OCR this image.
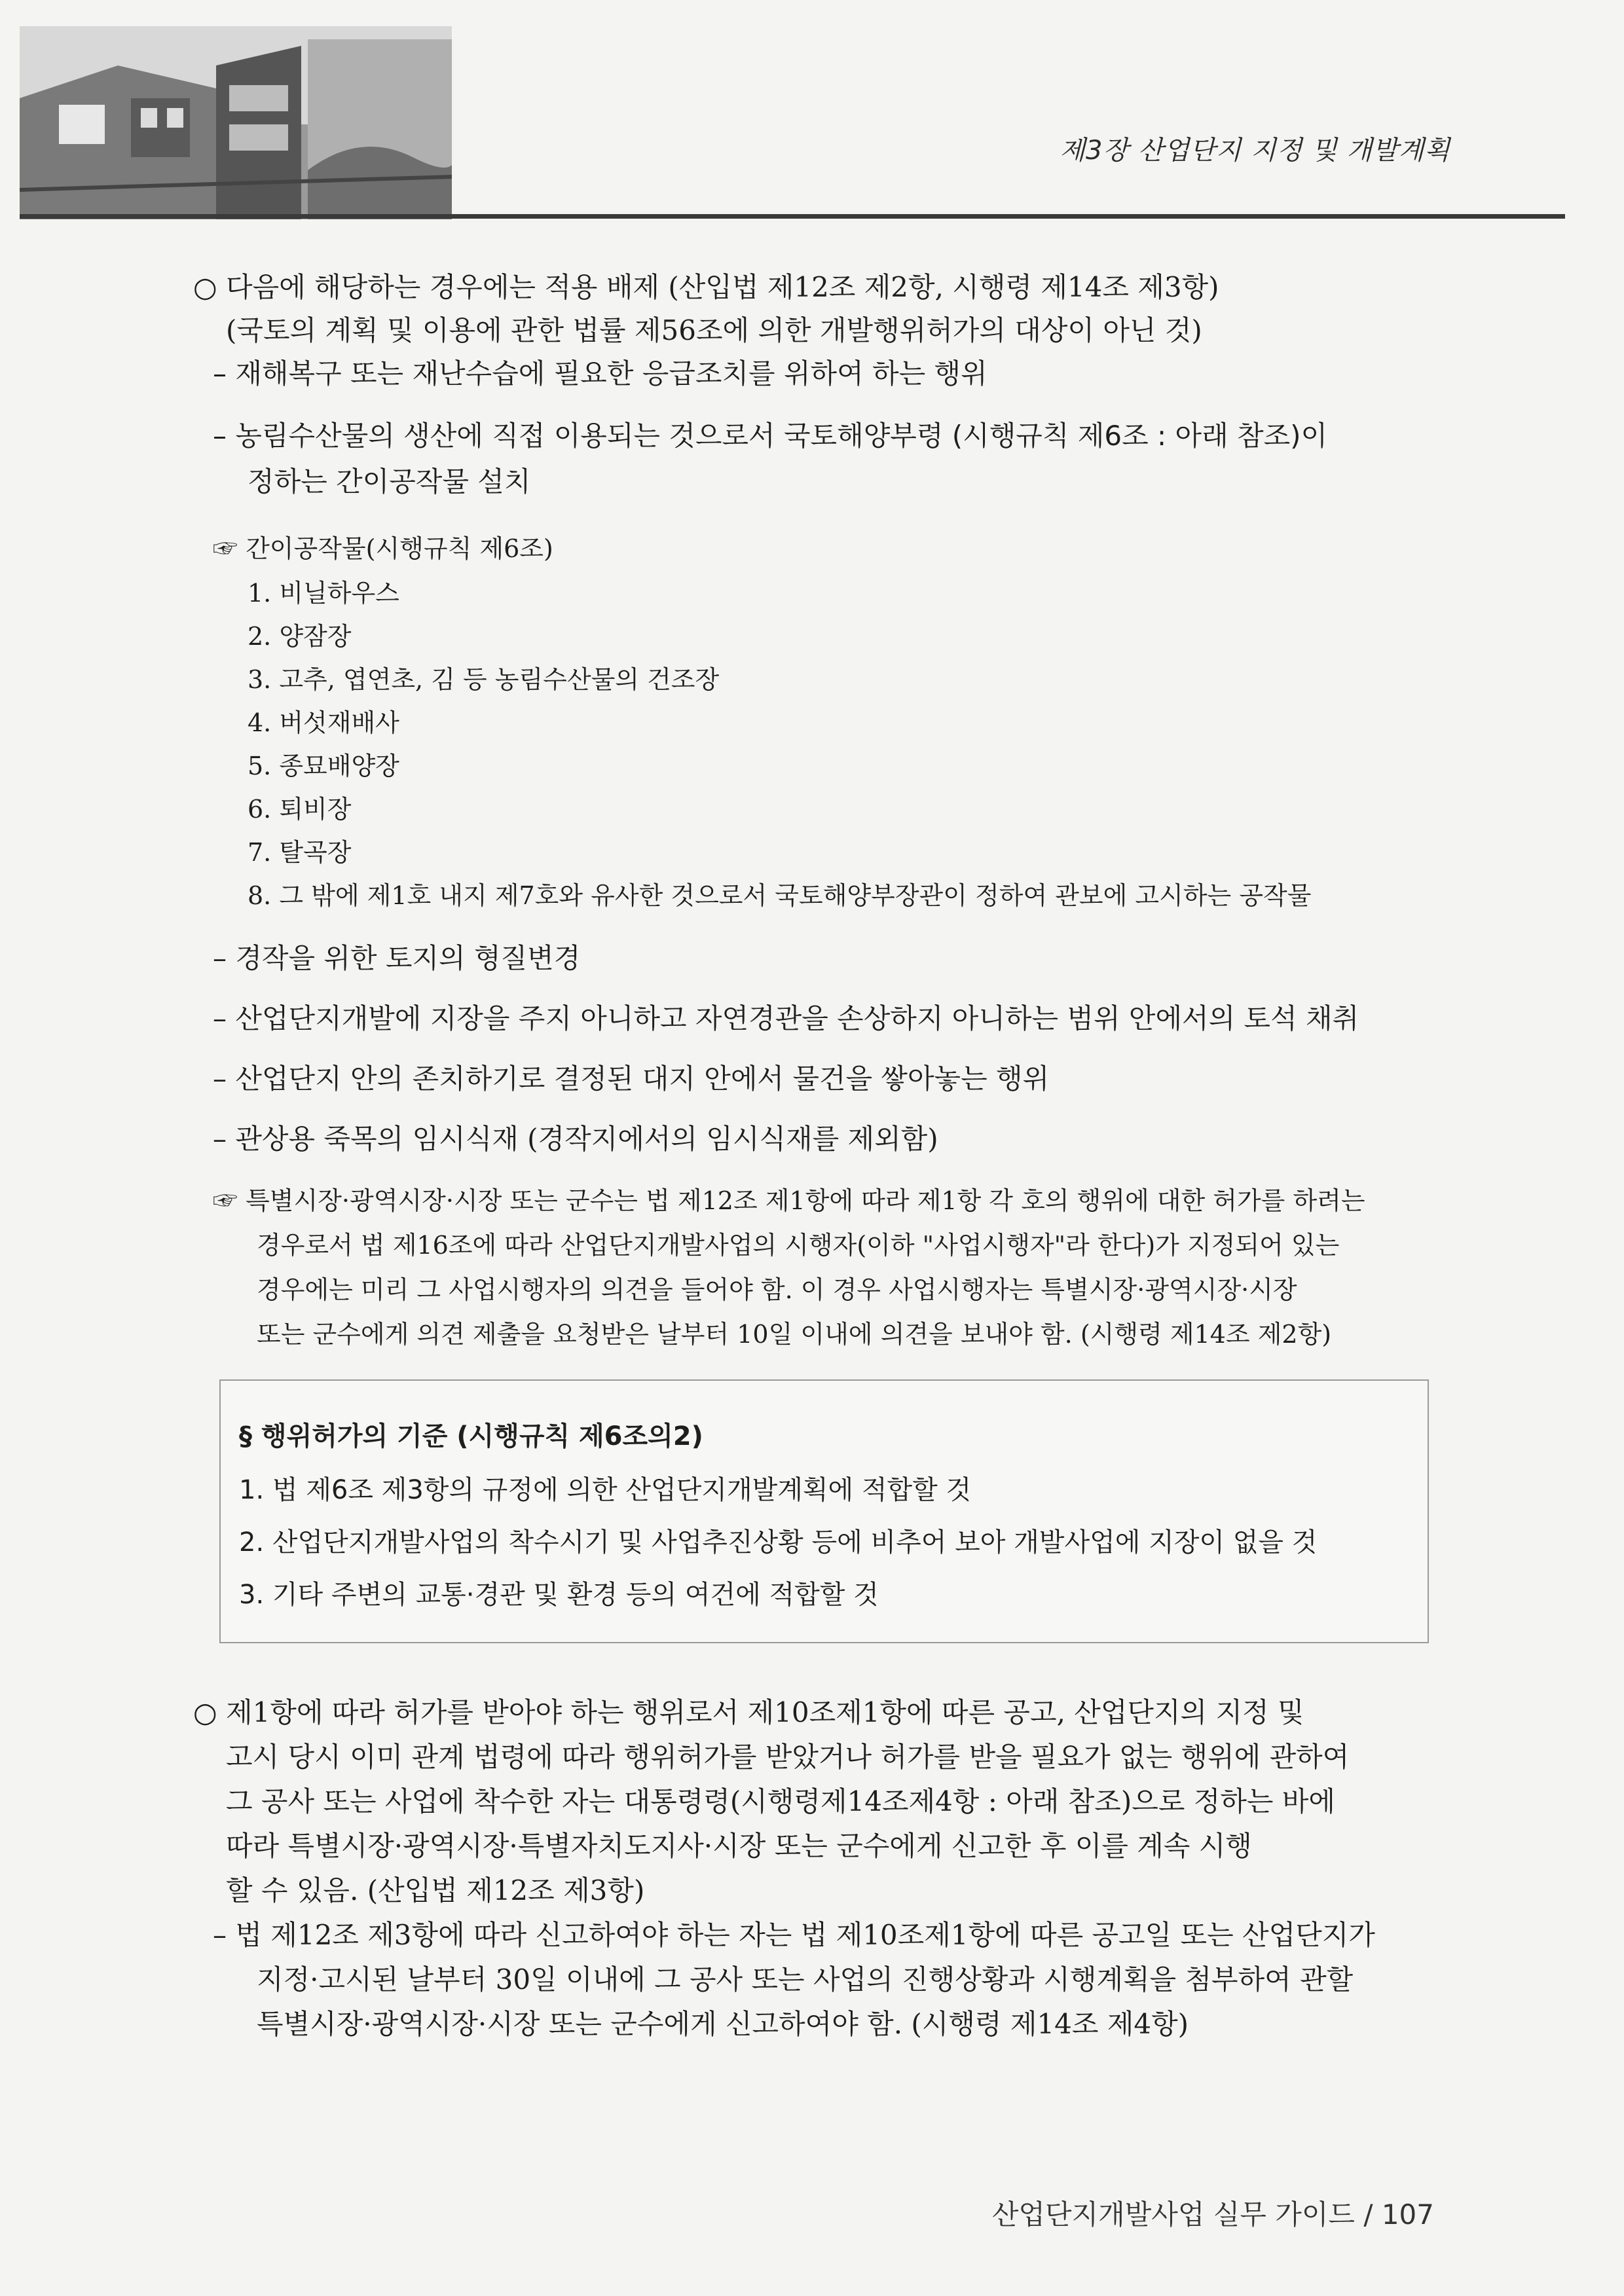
제3장 산업단지 지정 및 개발계획
○ 다음에 해당하는 경우에는 적용 배제 (산입법 제12조 제2항, 시행령 제14조 제3항)
(국토의 계획 및 이용에 관한 법률 제56조에 의한 개발행위허가의 대상이 아닌 것)
– 재해복구 또는 재난수습에 필요한 응급조치를 위하여 하는 행위
– 농림수산물의 생산에 직접 이용되는 것으로서 국토해양부령 (시행규칙 제6조 : 아래 참조)이
정하는 간이공작물 설치
☞ 간이공작물(시행규칙 제6조)
1. 비닐하우스
2. 양잠장
3. 고추, 엽연초, 김 등 농림수산물의 건조장
4. 버섯재배사
5. 종묘배양장
6. 퇴비장
7. 탈곡장
8. 그 밖에 제1호 내지 제7호와 유사한 것으로서 국토해양부장관이 정하여 관보에 고시하는 공작물
– 경작을 위한 토지의 형질변경
– 산업단지개발에 지장을 주지 아니하고 자연경관을 손상하지 아니하는 범위 안에서의 토석 채취
– 산업단지 안의 존치하기로 결정된 대지 안에서 물건을 쌓아놓는 행위
– 관상용 죽목의 임시식재 (경작지에서의 임시식재를 제외함)
☞ 특별시장·광역시장·시장 또는 군수는 법 제12조 제1항에 따라 제1항 각 호의 행위에 대한 허가를 하려는
경우로서 법 제16조에 따라 산업단지개발사업의 시행자(이하 "사업시행자"라 한다)가 지정되어 있는
경우에는 미리 그 사업시행자의 의견을 들어야 함. 이 경우 사업시행자는 특별시장·광역시장·시장
또는 군수에게 의견 제출을 요청받은 날부터 10일 이내에 의견을 보내야 함. (시행령 제14조 제2항)
§ 행위허가의 기준 (시행규칙 제6조의2)
1. 법 제6조 제3항의 규정에 의한 산업단지개발계획에 적합할 것
2. 산업단지개발사업의 착수시기 및 사업추진상황 등에 비추어 보아 개발사업에 지장이 없을 것
3. 기타 주변의 교통·경관 및 환경 등의 여건에 적합할 것
○ 제1항에 따라 허가를 받아야 하는 행위로서 제10조제1항에 따른 공고, 산업단지의 지정 및
고시 당시 이미 관계 법령에 따라 행위허가를 받았거나 허가를 받을 필요가 없는 행위에 관하여
그 공사 또는 사업에 착수한 자는 대통령령(시행령제14조제4항 : 아래 참조)으로 정하는 바에
따라 특별시장·광역시장·특별자치도지사·시장 또는 군수에게 신고한 후 이를 계속 시행
할 수 있음. (산입법 제12조 제3항)
– 법 제12조 제3항에 따라 신고하여야 하는 자는 법 제10조제1항에 따른 공고일 또는 산업단지가
지정·고시된 날부터 30일 이내에 그 공사 또는 사업의 진행상황과 시행계획을 첨부하여 관할
특별시장·광역시장·시장 또는 군수에게 신고하여야 함. (시행령 제14조 제4항)
산업단지개발사업 실무 가이드 / 107
